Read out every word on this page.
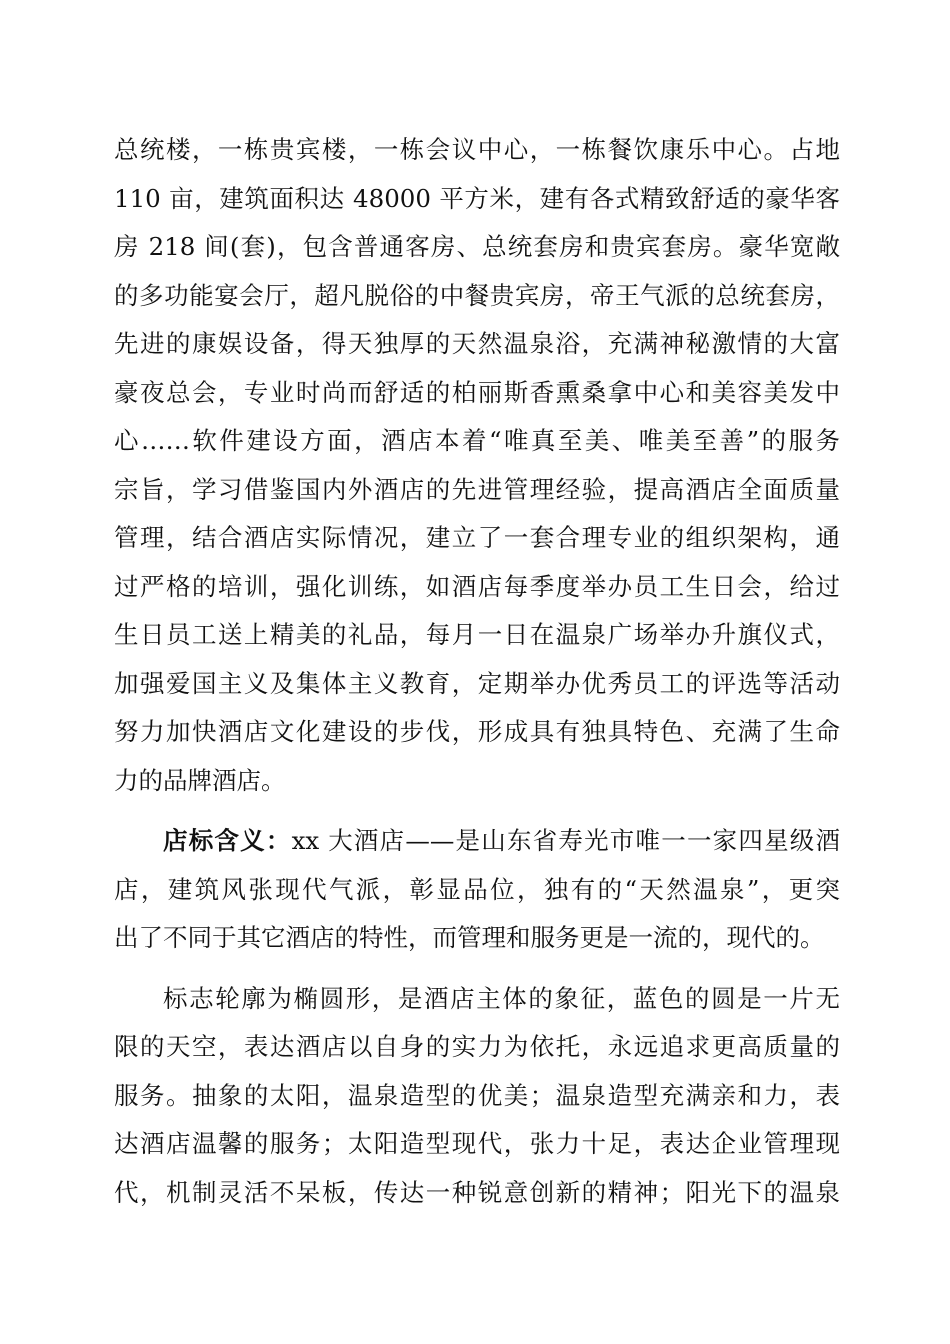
总统楼，一栋贵宾楼，一栋会议中心，一栋餐饮康乐中心。占地
110 亩，建筑面积达 48000 平方米，建有各式精致舒适的豪华客
房 218 间(套)，包含普通客房、总统套房和贵宾套房。豪华宽敞
的多功能宴会厅，超凡脱俗的中餐贵宾房，帝王气派的总统套房，
先进的康娱设备，得天独厚的天然温泉浴，充满神秘激情的大富
豪夜总会，专业时尚而舒适的柏丽斯香熏桑拿中心和美容美发中
心……软件建设方面，酒店本着“唯真至美、唯美至善”的服务
宗旨，学习借鉴国内外酒店的先进管理经验，提高酒店全面质量
管理，结合酒店实际情况，建立了一套合理专业的组织架构，通
过严格的培训，强化训练，如酒店每季度举办员工生日会，给过
生日员工送上精美的礼品，每月一日在温泉广场举办升旗仪式，
加强爱国主义及集体主义教育，定期举办优秀员工的评选等活动
努力加快酒店文化建设的步伐，形成具有独具特色、充满了生命
力的品牌酒店。
店标含义：xx 大酒店——是山东省寿光市唯一一家四星级酒
店，建筑风张现代气派，彰显品位，独有的“天然温泉”，更突
出了不同于其它酒店的特性，而管理和服务更是一流的，现代的。
标志轮廓为椭圆形，是酒店主体的象征，蓝色的圆是一片无
限的天空，表达酒店以自身的实力为依托，永远追求更高质量的
服务。抽象的太阳，温泉造型的优美；温泉造型充满亲和力，表
达酒店温馨的服务；太阳造型现代，张力十足，表达企业管理现
代，机制灵活不呆板，传达一种锐意创新的精神；阳光下的温泉
